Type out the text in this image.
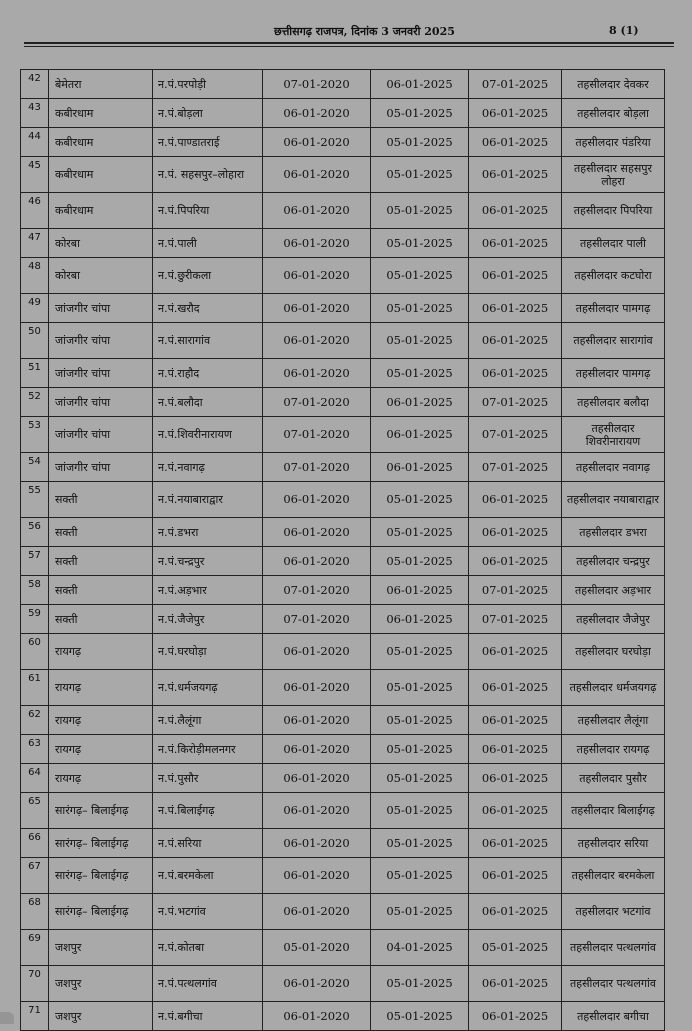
छत्तीसगढ़ राजपत्र, दिनांक 3 जनवरी 2025	8 (1)
42	बेमेतरा	न.पं.परपोड़ी	07-01-2020	06-01-2025	07-01-2025	तहसीलदार देवकर
43	कबीरधाम	न.पं.बोड़ला	06-01-2020	05-01-2025	06-01-2025	तहसीलदार बोड़ला
44	कबीरधाम	न.पं.पाण्डातराई	06-01-2020	05-01-2025	06-01-2025	तहसीलदार पंडरिया
45	कबीरधाम	न.पं. सहसपुर–लोहारा	06-01-2020	05-01-2025	06-01-2025	तहसीलदार सहसपुर लोहरा
46	कबीरधाम	न.पं.पिपरिया	06-01-2020	05-01-2025	06-01-2025	तहसीलदार पिपरिया
47	कोरबा	न.पं.पाली	06-01-2020	05-01-2025	06-01-2025	तहसीलदार पाली
48	कोरबा	न.पं.छुरीकला	06-01-2020	05-01-2025	06-01-2025	तहसीलदार कटघोरा
49	जांजगीर चांपा	न.पं.खरौद	06-01-2020	05-01-2025	06-01-2025	तहसीलदार पामगढ़
50	जांजगीर चांपा	न.पं.सारागांव	06-01-2020	05-01-2025	06-01-2025	तहसीलदार सारागांव
51	जांजगीर चांपा	न.पं.राहौद	06-01-2020	05-01-2025	06-01-2025	तहसीलदार पामगढ़
52	जांजगीर चांपा	न.पं.बलौदा	07-01-2020	06-01-2025	07-01-2025	तहसीलदार बलौदा
53	जांजगीर चांपा	न.पं.शिवरीनारायण	07-01-2020	06-01-2025	07-01-2025	तहसीलदार शिवरीनारायण
54	जांजगीर चांपा	न.पं.नवागढ़	07-01-2020	06-01-2025	07-01-2025	तहसीलदार नवागढ़
55	सक्ती	न.पं.नयाबाराद्वार	06-01-2020	05-01-2025	06-01-2025	तहसीलदार नयाबाराद्वार
56	सक्ती	न.पं.डभरा	06-01-2020	05-01-2025	06-01-2025	तहसीलदार डभरा
57	सक्ती	न.पं.चन्द्रपुर	06-01-2020	05-01-2025	06-01-2025	तहसीलदार चन्द्रपुर
58	सक्ती	न.पं.अड़भार	07-01-2020	06-01-2025	07-01-2025	तहसीलदार अड़भार
59	सक्ती	न.पं.जैजेपुर	07-01-2020	06-01-2025	07-01-2025	तहसीलदार जैजेपुर
60	रायगढ़	न.पं.घरघोड़ा	06-01-2020	05-01-2025	06-01-2025	तहसीलदार घरघोड़ा
61	रायगढ़	न.पं.धर्मजयगढ़	06-01-2020	05-01-2025	06-01-2025	तहसीलदार धर्मजयगढ़
62	रायगढ़	न.पं.लैलूंगा	06-01-2020	05-01-2025	06-01-2025	तहसीलदार लैलूंगा
63	रायगढ़	न.पं.किरोड़ीमलनगर	06-01-2020	05-01-2025	06-01-2025	तहसीलदार रायगढ़
64	रायगढ़	न.पं.पुसौर	06-01-2020	05-01-2025	06-01-2025	तहसीलदार पुसौर
65	सारंगढ़– बिलाईगढ़	न.पं.बिलाईगढ़	06-01-2020	05-01-2025	06-01-2025	तहसीलदार बिलाईगढ़
66	सारंगढ़– बिलाईगढ़	न.पं.सरिया	06-01-2020	05-01-2025	06-01-2025	तहसीलदार सरिया
67	सारंगढ़– बिलाईगढ़	न.पं.बरमकेला	06-01-2020	05-01-2025	06-01-2025	तहसीलदार बरमकेला
68	सारंगढ़– बिलाईगढ़	न.पं.भटगांव	06-01-2020	05-01-2025	06-01-2025	तहसीलदार भटगांव
69	जशपुर	न.पं.कोतबा	05-01-2020	04-01-2025	05-01-2025	तहसीलदार पत्थलगांव
70	जशपुर	न.पं.पत्थलगांव	06-01-2020	05-01-2025	06-01-2025	तहसीलदार पत्थलगांव
71	जशपुर	न.पं.बगीचा	06-01-2020	05-01-2025	06-01-2025	तहसीलदार बगीचा
